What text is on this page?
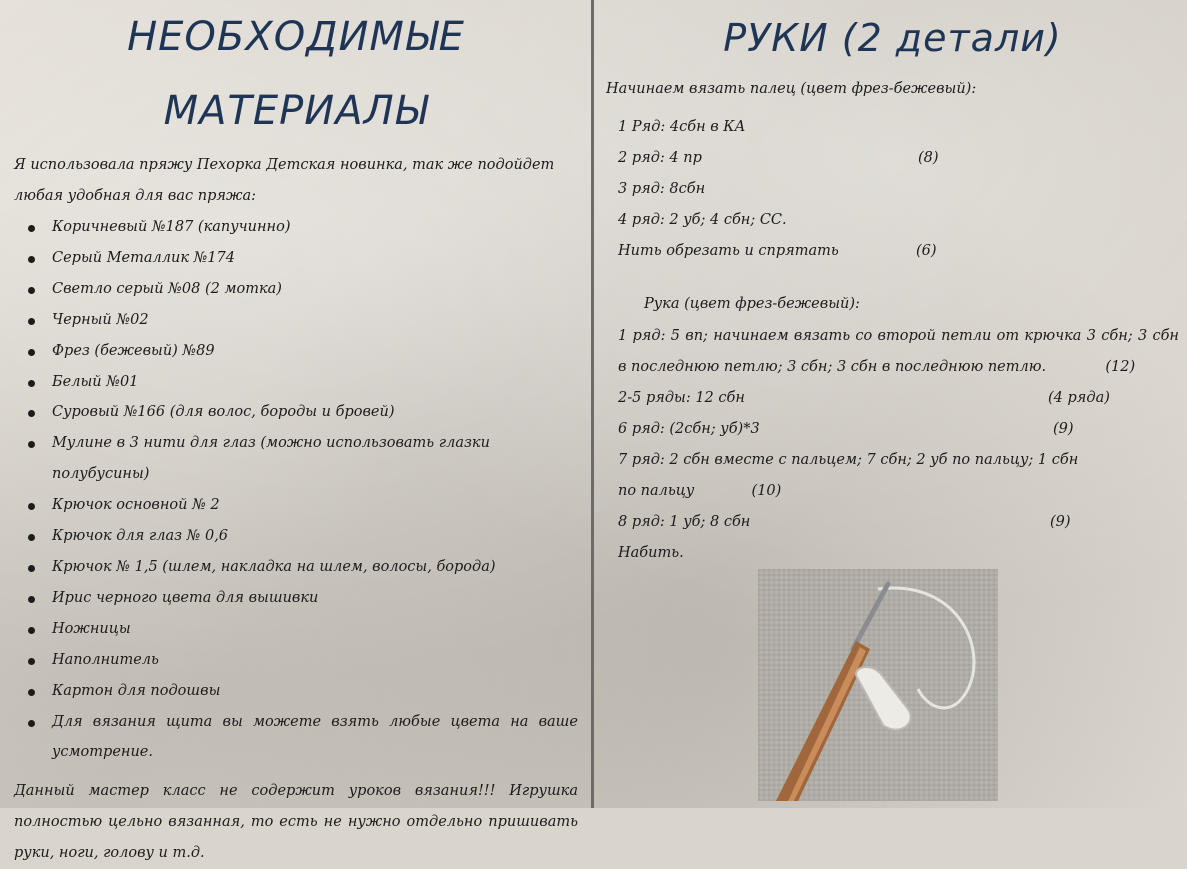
НЕОБХОДИМЫЕ
МАТЕРИАЛЫ

Я использовала пряжу Пехорка Детская новинка, так же подойдет любая удобная для вас пряжа:

Коричневый №187 (капучинно)
Серый Металлик №174
Светло серый №08 (2 мотка)
Черный №02
Фрез (бежевый) №89
Белый №01
Суровый №166 (для волос, бороды и бровей)
Мулине в 3 нити для глаз (можно использовать глазки полубусины)
Крючок основной № 2
Крючок для глаз № 0,6
Крючок № 1,5 (шлем, накладка на шлем, волосы, борода)
Ирис черного цвета для вышивки
Ножницы
Наполнитель
Картон для подошвы
Для вязания щита вы можете взять любые цвета на ваше усмотрение.

Данный мастер класс не содержит уроков вязания!!! Игрушка полностью цельно вязанная, то есть не нужно отдельно пришивать руки, ноги, голову и т.д.

РУКИ (2 детали)

Начинаем вязать палец (цвет фрез-бежевый):

1 Ряд: 4сбн в КА
2 ряд: 4 пр	(8)
3 ряд: 8сбн
4 ряд: 2 уб; 4 сбн; СС.
Нить обрезать и спрятать	(6)

Рука (цвет фрез-бежевый):

1 ряд: 5 вп; начинаем вязать со второй петли от крючка 3 сбн; 3 сбн в последнюю петлю; 3 сбн; 3 сбн в последнюю петлю.	(12)
2-5 ряды: 12 сбн	(4 ряда)
6 ряд: (2сбн; уб)*3	(9)
7 ряд: 2 сбн вместе с пальцем; 7 сбн; 2 уб по пальцу; 1 сбн по пальцу	(10)
8 ряд: 1 уб; 8 сбн	(9)
Набить.
